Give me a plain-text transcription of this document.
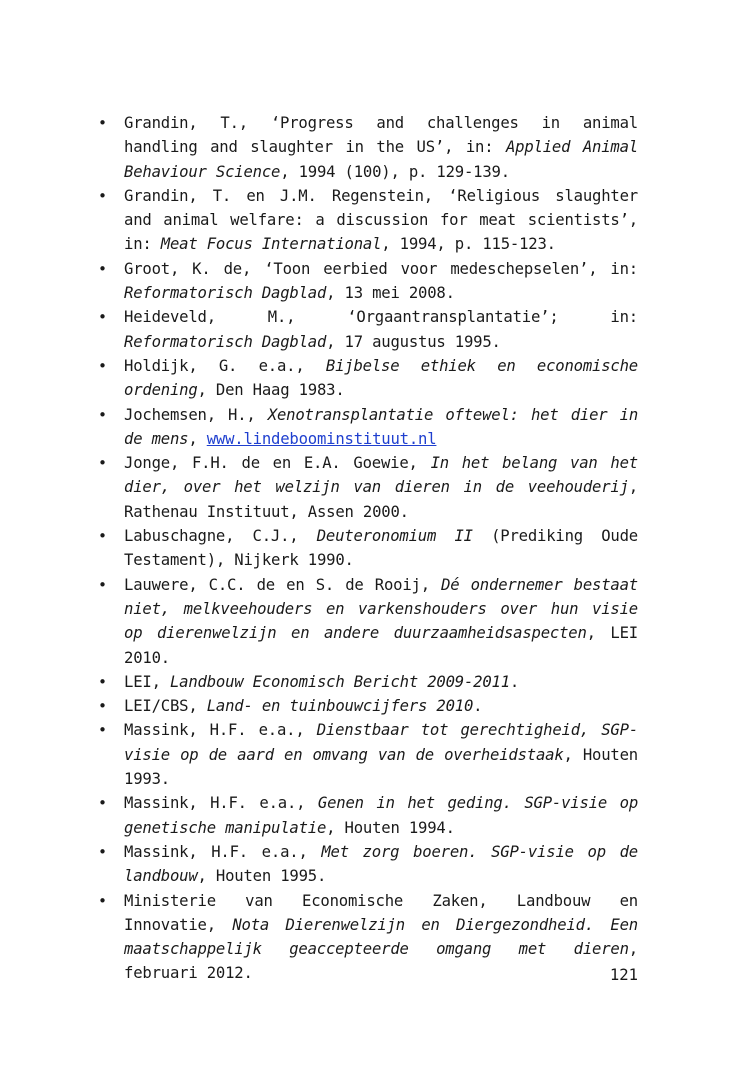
• Grandin, T., ‘Progress and challenges in animal handling and slaughter in the US’, in: Applied Animal Behaviour Science, 1994 (100), p. 129-139.
• Grandin, T. en J.M. Regenstein, ‘Religious slaughter and animal welfare: a discussion for meat scientists’, in: Meat Focus International, 1994, p. 115-123.
• Groot, K. de, ‘Toon eerbied voor medeschepselen’, in: Reformatorisch Dagblad, 13 mei 2008.
• Heideveld, M., ‘Orgaantransplantatie’; in: Reformatorisch Dagblad, 17 augustus 1995.
• Holdijk, G. e.a., Bijbelse ethiek en economische ordening, Den Haag 1983.
• Jochemsen, H., Xenotransplantatie oftewel: het dier in de mens, www.lindeboominstituut.nl
• Jonge, F.H. de en E.A. Goewie, In het belang van het dier, over het welzijn van dieren in de veehouderij, Rathenau Instituut, Assen 2000.
• Labuschagne, C.J., Deuteronomium II (Prediking Oude Testament), Nijkerk 1990.
• Lauwere, C.C. de en S. de Rooij, Dé ondernemer bestaat niet, melkveehouders en varkenshouders over hun visie op dierenwelzijn en andere duurzaamheidsaspecten, LEI 2010.
• LEI, Landbouw Economisch Bericht 2009-2011.
• LEI/CBS, Land- en tuinbouwcijfers 2010.
• Massink, H.F. e.a., Dienstbaar tot gerechtigheid, SGP-visie op de aard en omvang van de overheidstaak, Houten 1993.
• Massink, H.F. e.a., Genen in het geding. SGP-visie op genetische manipulatie, Houten 1994.
• Massink, H.F. e.a., Met zorg boeren. SGP-visie op de landbouw, Houten 1995.
• Ministerie van Economische Zaken, Landbouw en Innovatie, Nota Dierenwelzijn en Diergezondheid. Een maatschappelijk geaccepteerde omgang met dieren, februari 2012.	121
